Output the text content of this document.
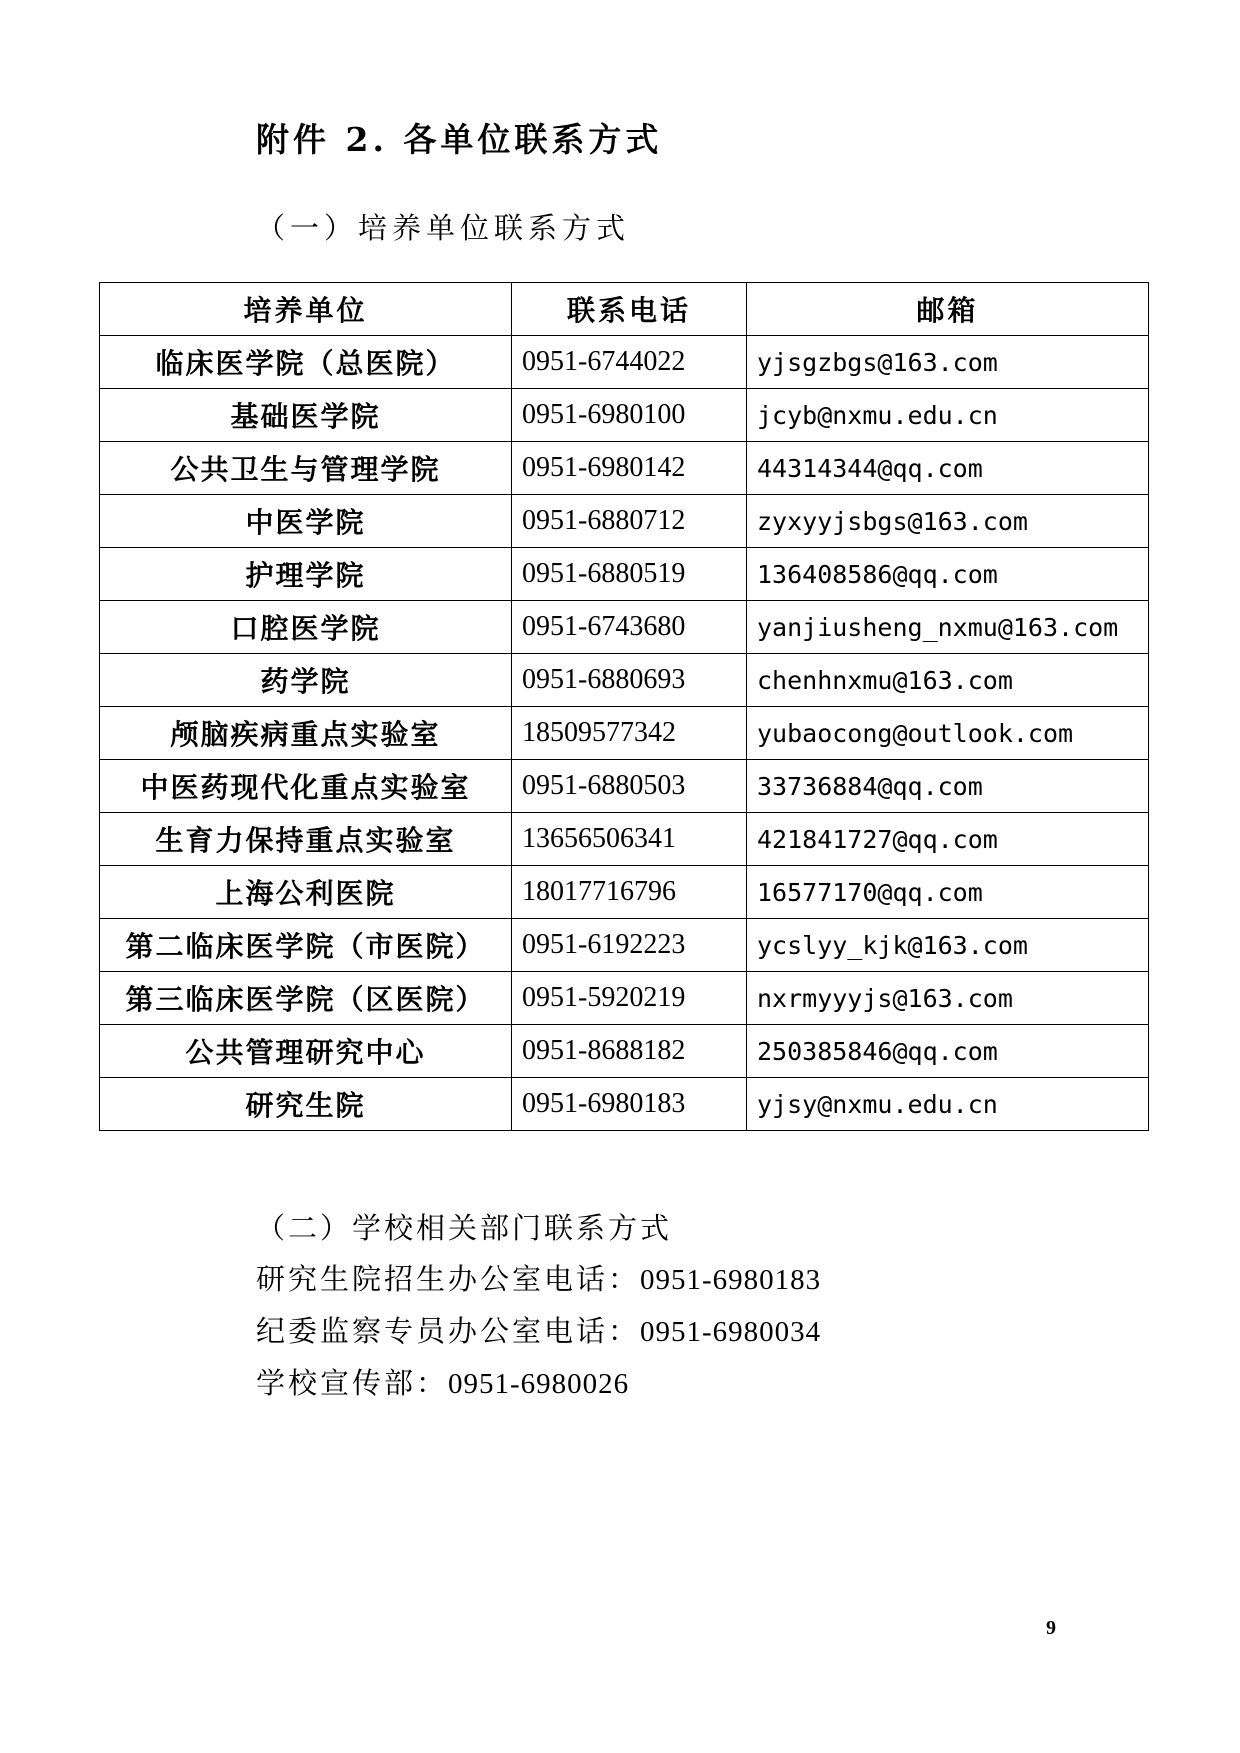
附件 2. 各单位联系方式
（一）培养单位联系方式
培养单位	联系电话	邮箱
临床医学院（总医院）	0951-6744022	yjsgzbgs@163.com
基础医学院	0951-6980100	jcyb@nxmu.edu.cn
公共卫生与管理学院	0951-6980142	44314344@qq.com
中医学院	0951-6880712	zyxyyjsbgs@163.com
护理学院	0951-6880519	136408586@qq.com
口腔医学院	0951-6743680	yanjiusheng_nxmu@163.com
药学院	0951-6880693	chenhnxmu@163.com
颅脑疾病重点实验室	18509577342	yubaocong@outlook.com
中医药现代化重点实验室	0951-6880503	33736884@qq.com
生育力保持重点实验室	13656506341	421841727@qq.com
上海公利医院	18017716796	16577170@qq.com
第二临床医学院（市医院）	0951-6192223	ycslyy_kjk@163.com
第三临床医学院（区医院）	0951-5920219	nxrmyyyjs@163.com
公共管理研究中心	0951-8688182	250385846@qq.com
研究生院	0951-6980183	yjsy@nxmu.edu.cn
（二）学校相关部门联系方式
研究生院招生办公室电话：0951-6980183
纪委监察专员办公室电话：0951-6980034
学校宣传部：0951-6980026
9
